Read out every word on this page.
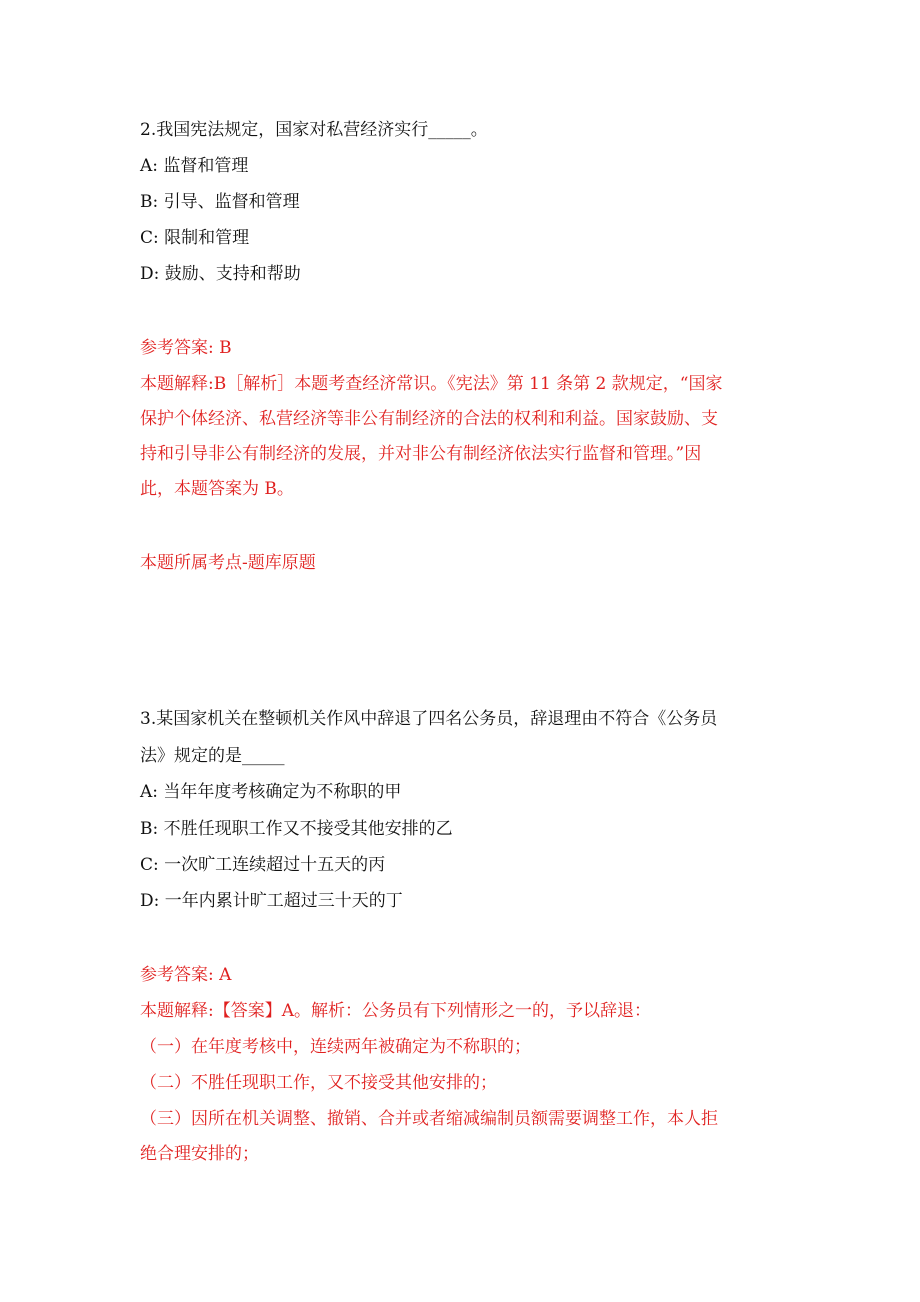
2.我国宪法规定，国家对私营经济实行_____。
A: 监督和管理
B: 引导、监督和管理
C: 限制和管理
D: 鼓励、支持和帮助
参考答案: B
本题解释:B［解析］本题考查经济常识。《宪法》第 11 条第 2 款规定，“国家
保护个体经济、私营经济等非公有制经济的合法的权利和利益。国家鼓励、支
持和引导非公有制经济的发展，并对非公有制经济依法实行监督和管理。”因
此，本题答案为 B。
本题所属考点-题库原题
3.某国家机关在整顿机关作风中辞退了四名公务员，辞退理由不符合《公务员
法》规定的是_____
A: 当年年度考核确定为不称职的甲
B: 不胜任现职工作又不接受其他安排的乙
C: 一次旷工连续超过十五天的丙
D: 一年内累计旷工超过三十天的丁
参考答案: A
本题解释:【答案】A。解析：公务员有下列情形之一的，予以辞退：
（一）在年度考核中，连续两年被确定为不称职的；
（二）不胜任现职工作，又不接受其他安排的；
（三）因所在机关调整、撤销、合并或者缩减编制员额需要调整工作，本人拒
绝合理安排的；
